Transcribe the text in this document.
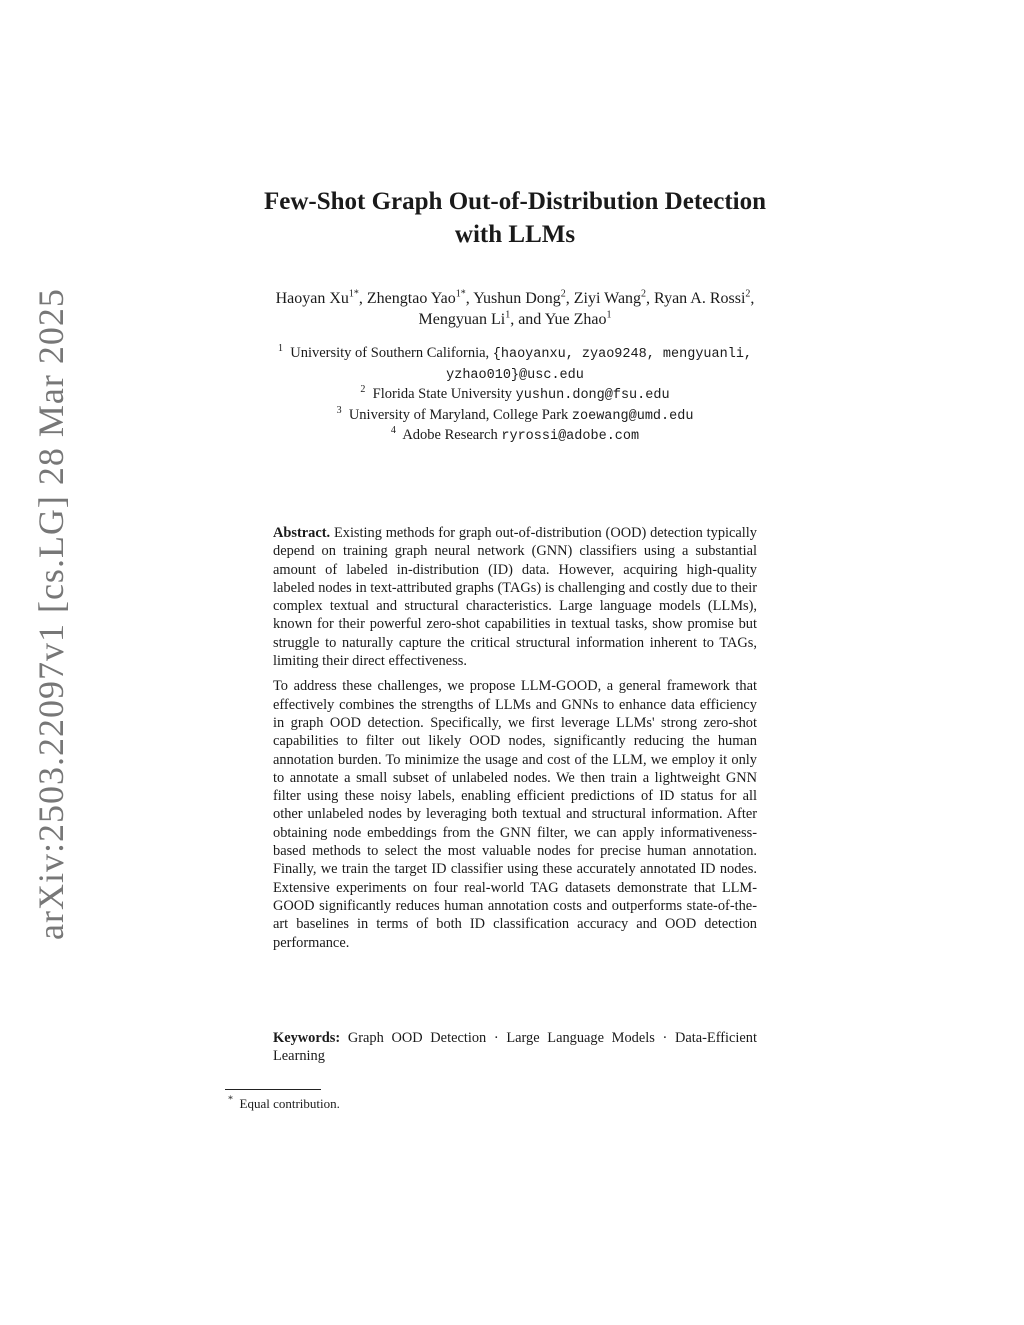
arXiv:2503.22097v1 [cs.LG] 28 Mar 2025
Few-Shot Graph Out-of-Distribution Detection
with LLMs
Haoyan $Xu^{1*}$, Zhengtao Yao$^{1*}$, Yushun Dong$^2$, Ziyi Wang$^2$, Ryan A. Rossi$^2$,
Mengyuan Li$^1$, and Yue Zhao$^1$
$^1$ University of Southern California, {haoyanxu, zyao9248, mengyuanli,
yzhao010}@usc.edu
$^2$ Florida State University yushun.dong@fsu.edu
$^3$ University of Maryland, College Park zoewang@umd.edu
$^4$ Adobe Research ryrossi@adobe.com

Abstract. Existing methods for graph out-of-distribution (OOD) detection typically depend on training graph neural network (GNN) classifiers using a substantial amount of labeled in-distribution (ID) data. However, acquiring high-quality labeled nodes in text-attributed graphs (TAGs) is challenging and costly due to their complex textual and structural characteristics. Large language models (LLMs), known for their powerful zero-shot capabilities in textual tasks, show promise but struggle to naturally capture the critical structural information inherent to TAGs, limiting their direct effectiveness.

To address these challenges, we propose LLM-GOOD, a general framework that effectively combines the strengths of LLMs and GNNs to enhance data efficiency in graph OOD detection. Specifically, we first leverage LLMs' strong zero-shot capabilities to filter out likely OOD nodes, significantly reducing the human annotation burden. To minimize the usage and cost of the LLM, we employ it only to annotate a small subset of unlabeled nodes. We then train a lightweight GNN filter using these noisy labels, enabling efficient predictions of ID status for all other unlabeled nodes by leveraging both textual and structural information. After obtaining node embeddings from the GNN filter, we can apply informativeness-based methods to select the most valuable nodes for precise human annotation. Finally, we train the target ID classifier using these accurately annotated ID nodes. Extensive experiments on four real-world TAG datasets demonstrate that LLM-GOOD significantly reduces human annotation costs and outperforms state-of-the-art baselines in terms of both ID classification accuracy and OOD detection performance.

Keywords: Graph OOD Detection · Large Language Models · Data-Efficient Learning
* Equal contribution.
